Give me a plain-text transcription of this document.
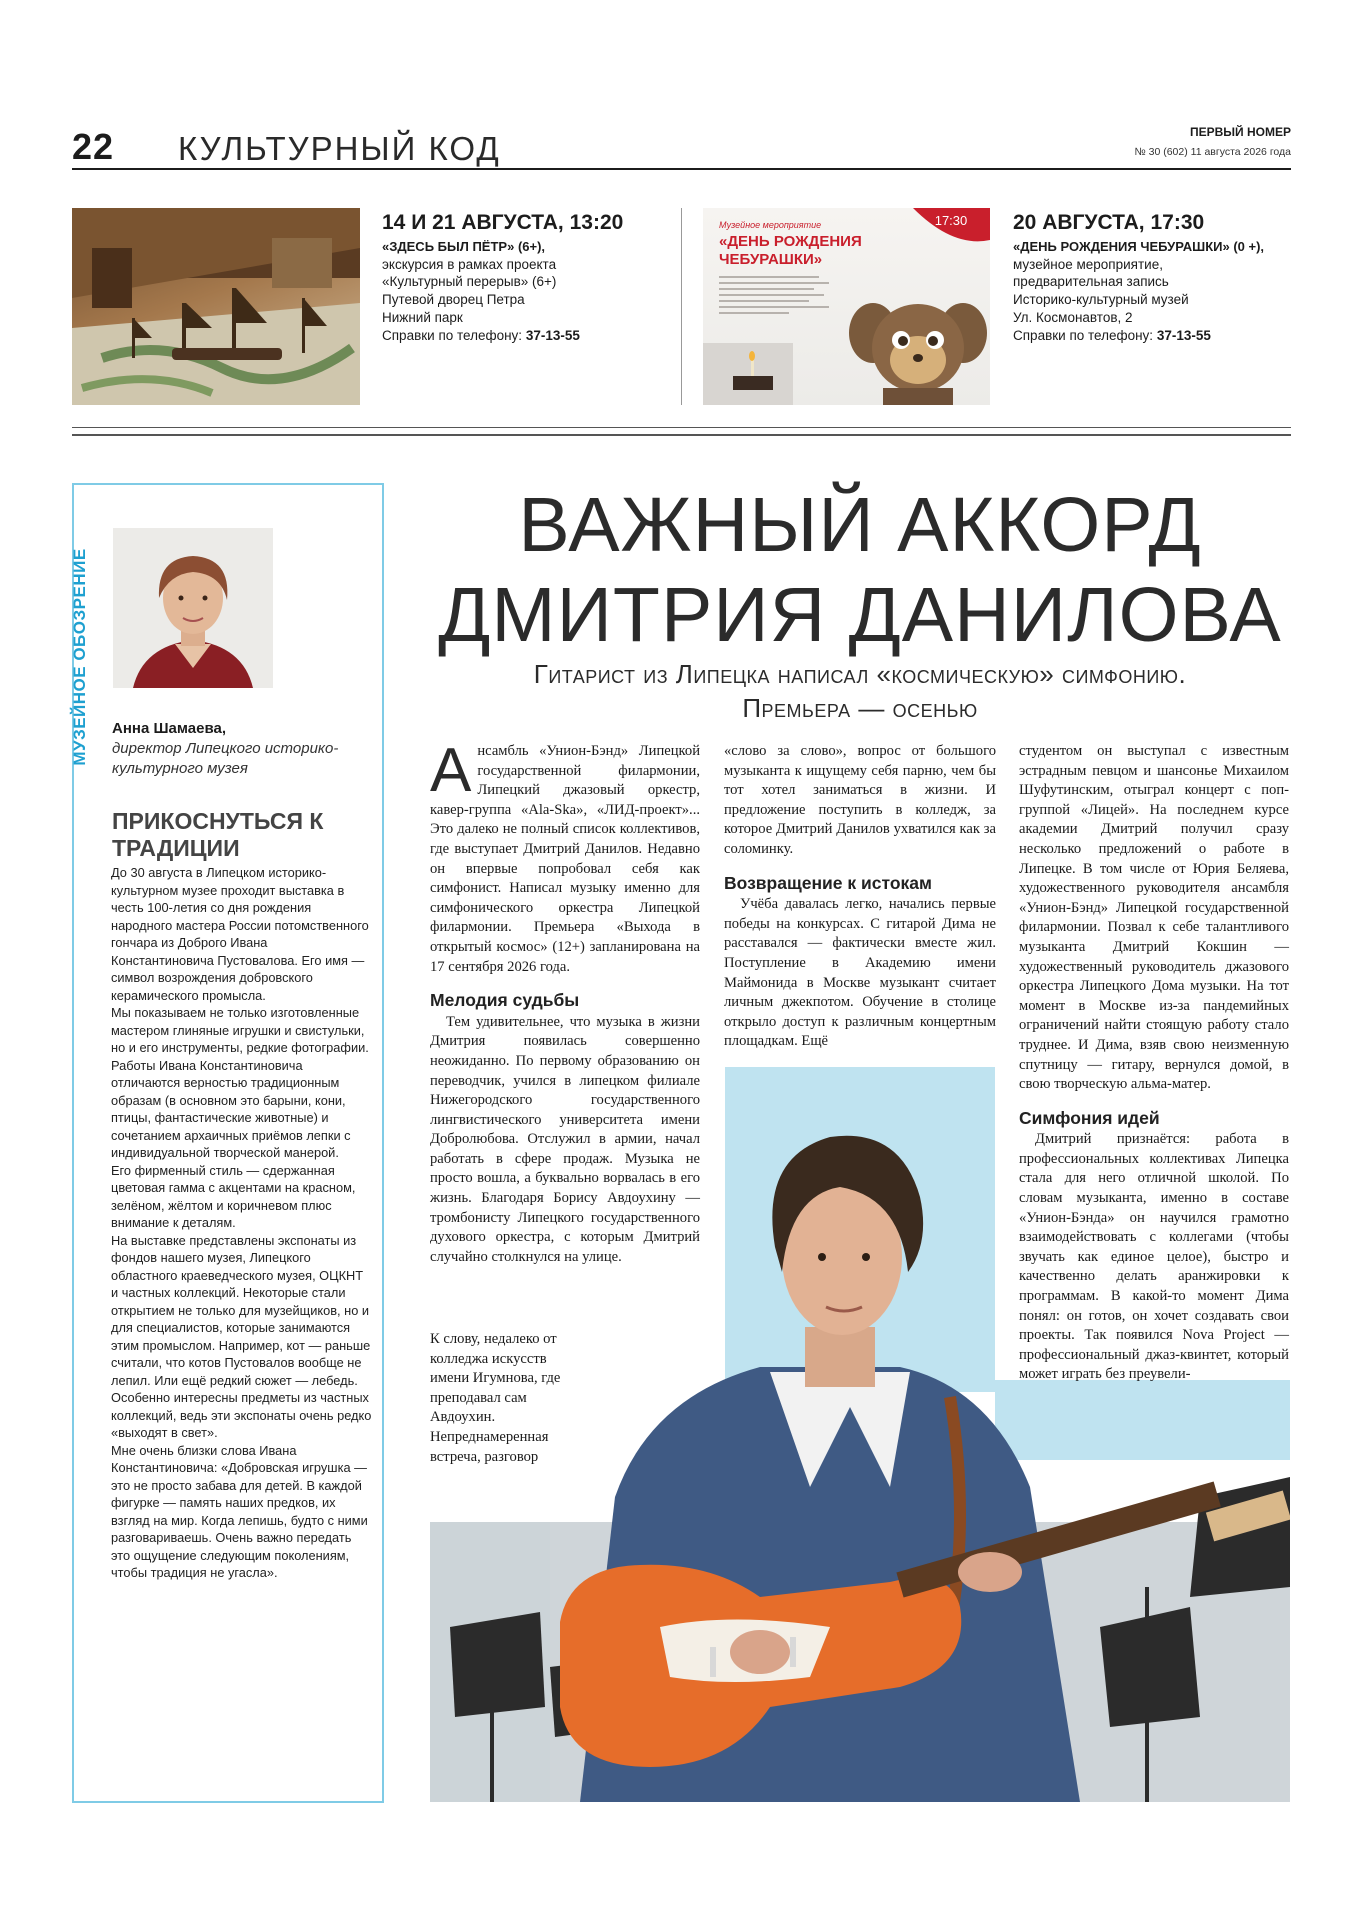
22 КУЛЬТУРНЫЙ КОД	ПЕРВЫЙ НОМЕР
№ 30 (602) 11 августа 2026 года
14 И 21 АВГУСТА, 13:20
«ЗДЕСЬ БЫЛ ПЁТР» (6+),
экскурсия в рамках проекта
«Культурный перерыв» (6+)
Путевой дворец Петра
Нижний парк
Справки по телефону: 37-13-55
17:30
Музейное мероприятие
«ДЕНЬ РОЖДЕНИЯ
ЧЕБУРАШКИ»
20 АВГУСТА, 17:30
«ДЕНЬ РОЖДЕНИЯ ЧЕБУРАШКИ» (0 +),
музейное мероприятие,
предварительная запись
Историко-культурный музей
Ул. Космонавтов, 2
Справки по телефону: 37-13-55
МУЗЕЙНОЕ ОБОЗРЕНИЕ	Анна Шамаева,
директор Липецкого историко-культурного музея
ПРИКОСНУТЬСЯ К ТРАДИЦИИ

До 30 августа в Липецком историко-культурном музее проходит выставка в честь 100-летия со дня рождения народного мастера России потомственного гончара из Доброго Ивана Константиновича Пустовалова. Его имя — символ возрождения добровского керамического промысла.

Мы показываем не только изготовленные мастером глиняные игрушки и свистульки, но и его инструменты, редкие фотографии. Работы Ивана Константиновича отличаются верностью традиционным образам (в основном это барыни, кони, птицы, фантастические животные) и сочетанием архаичных приёмов лепки с индивидуальной творческой манерой.

Его фирменный стиль — сдержанная цветовая гамма с акцентами на красном, зелёном, жёлтом и коричневом плюс внимание к деталям.

На выставке представлены экспонаты из фондов нашего музея, Липецкого областного краеведческого музея, ОЦКНТ и частных коллекций. Некоторые стали открытием не только для музейщиков, но и для специалистов, которые занимаются этим промыслом. Например, кот — раньше считали, что котов Пустовалов вообще не лепил. Или ещё редкий сюжет — лебедь. Особенно интересны предметы из частных коллекций, ведь эти экспонаты очень редко «выходят в свет».

Мне очень близки слова Ивана Константиновича: «Добровская игрушка — это не просто забава для детей. В каждой фигурке — память наших предков, их взгляд на мир. Когда лепишь, будто с ними разговариваешь. Очень важно передать это ощущение следующим поколениям, чтобы традиция не угасла».

ВАЖНЫЙ АККОРД
ДМИТРИЯ ДАНИЛОВА
Гитарист из Липецка написал «космическую» симфонию.
Премьера — осенью

Ансамбль «Унион-Бэнд» Липецкой государственной филармонии, Липецкий джазовый оркестр, кавер-группа «Ala-Ska», «ЛИД-проект»... Это далеко не полный список коллективов, где выступает Дмитрий Данилов. Недавно он впервые попробовал себя как симфонист. Написал музыку именно для симфонического оркестра Липецкой филармонии. Премьера «Выхода в открытый космос» (12+) запланирована на 17 сентября 2026 года.

Мелодия судьбы

Тем удивительнее, что музыка в жизни Дмитрия появилась совершенно неожиданно. По первому образованию он переводчик, учился в липецком филиале Нижегородского государственного лингвистического университета имени Добролюбова. Отслужил в армии, начал работать в сфере продаж. Музыка не просто вошла, а буквально ворвалась в его жизнь. Благодаря Борису Авдоухину — тромбонисту Липецкого государственного духового оркестра, с которым Дмитрий случайно столкнулся на улице.

«слово за слово», вопрос от большого музыканта к ищущему себя парню, чем бы тот хотел заниматься в жизни. И предложение поступить в колледж, за которое Дмитрий Данилов ухватился как за соломинку.

Возвращение к истокам

Учёба давалась легко, начались первые победы на конкурсах. С гитарой Дима не расставался — фактически вместе жил. Поступление в Академию имени Маймонида в Москве музыкант считает личным джекпотом. Обучение в столице открыло доступ к различным концертным площадкам. Ещё

студентом он выступал с известным эстрадным певцом и шансонье Михаилом Шуфутинским, отыграл концерт с поп-группой «Лицей». На последнем курсе академии Дмитрий получил сразу несколько предложений о работе в Липецке. В том числе от Юрия Беляева, художественного руководителя ансамбля «Унион-Бэнд» Липецкой государственной филармонии. Позвал к себе талантливого музыканта Дмитрий Кокшин — художественный руководитель джазового оркестра Липецкого Дома музыки. На тот момент в Москве из-за пандемийных ограничений найти стоящую работу стало труднее. И Дима, взяв свою неизменную спутницу — гитару, вернулся домой, в свою творческую альма-матер.

Симфония идей

Дмитрий признаётся: работа в профессиональных коллективах Липецка стала для него отличной школой. По словам музыканта, именно в составе «Унион-Бэнда» он научился грамотно взаимодействовать с коллегами (чтобы звучать как единое целое), быстро и качественно делать аранжировки к программам. В какой-то момент Дима понял: он готов, он хочет создавать свои проекты. Так появился Nova Project — профессиональный джаз-квинтет, который может играть без преувели-

К слову, недалеко от колледжа искусств имени Игумнова, где преподавал сам Авдоухин. Непреднамеренная встреча, разговор
